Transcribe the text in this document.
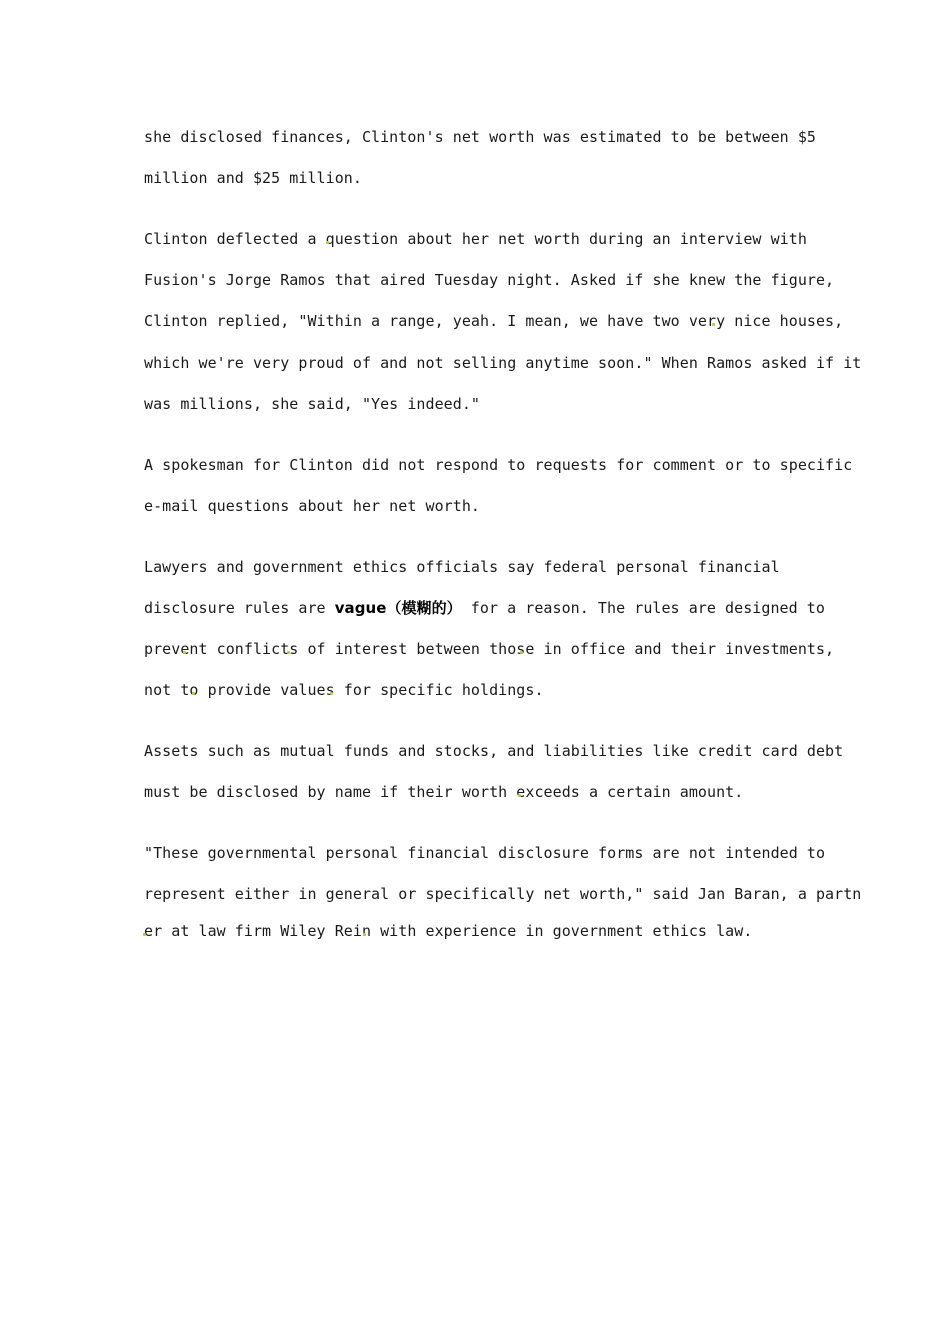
she disclosed finances, Clinton's net worth was estimated to be between $5

million and $25 million.

Clinton deflected a question about her net worth during an interview with

Fusion's Jorge Ramos that aired Tuesday night. Asked if she knew the figure,

Clinton replied, "Within a range, yeah. I mean, we have two very nice houses,

which we're very proud of and not selling anytime soon." When Ramos asked if it

was millions, she said, "Yes indeed."

A spokesman for Clinton did not respond to requests for comment or to specific

e-mail questions about her net worth.

Lawyers and government ethics officials say federal personal financial

disclosure rules are vague（模糊的） for a reason. The rules are designed to

prevent conflicts of interest between those in office and their investments,

not to provide values for specific holdings.

Assets such as mutual funds and stocks, and liabilities like credit card debt

must be disclosed by name if their worth exceeds a certain amount.

"These governmental personal financial disclosure forms are not intended to

represent either in general or specifically net worth," said Jan Baran, a partn

er at law firm Wiley Rein with experience in government ethics law.
